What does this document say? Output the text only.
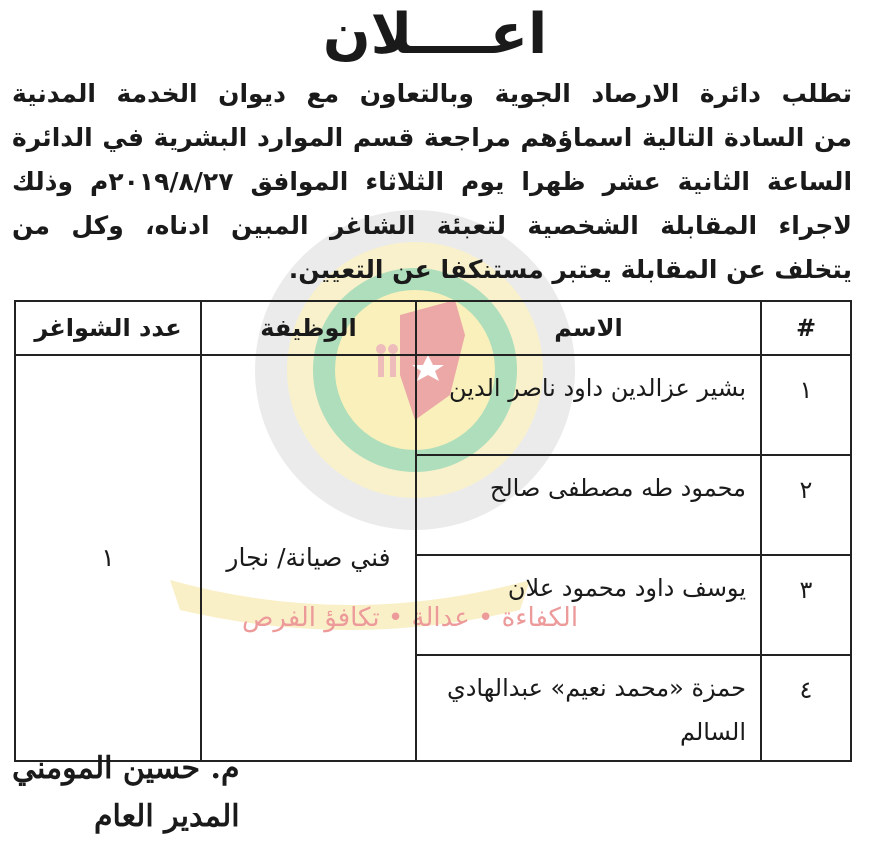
الكفاءة • عدالة • تكافؤ الفرص
اعــــلان
تطلب دائرة الارصاد الجوية وبالتعاون مع ديوان الخدمة المدنية
من السادة التالية اسماؤهم مراجعة قسم الموارد البشرية في الدائرة
الساعة الثانية عشر ظهرا يوم الثلاثاء الموافق ٢٠١٩/٨/٢٧م وذلك
لاجراء المقابلة الشخصية لتعبئة الشاغر المبين ادناه، وكل من
يتخلف عن المقابلة يعتبر مستنكفا عن التعيين.
#	الاسم	الوظيفة	عدد الشواغر
١	بشير عزالدين داود ناصر الدين	فني صيانة/ نجار	١
٢	محمود طه مصطفى صالح		
٣	يوسف داود محمود علان		
٤	حمزة «محمد نعيم» عبدالهادي السالم		
م. حسين المومني
المدير العام
